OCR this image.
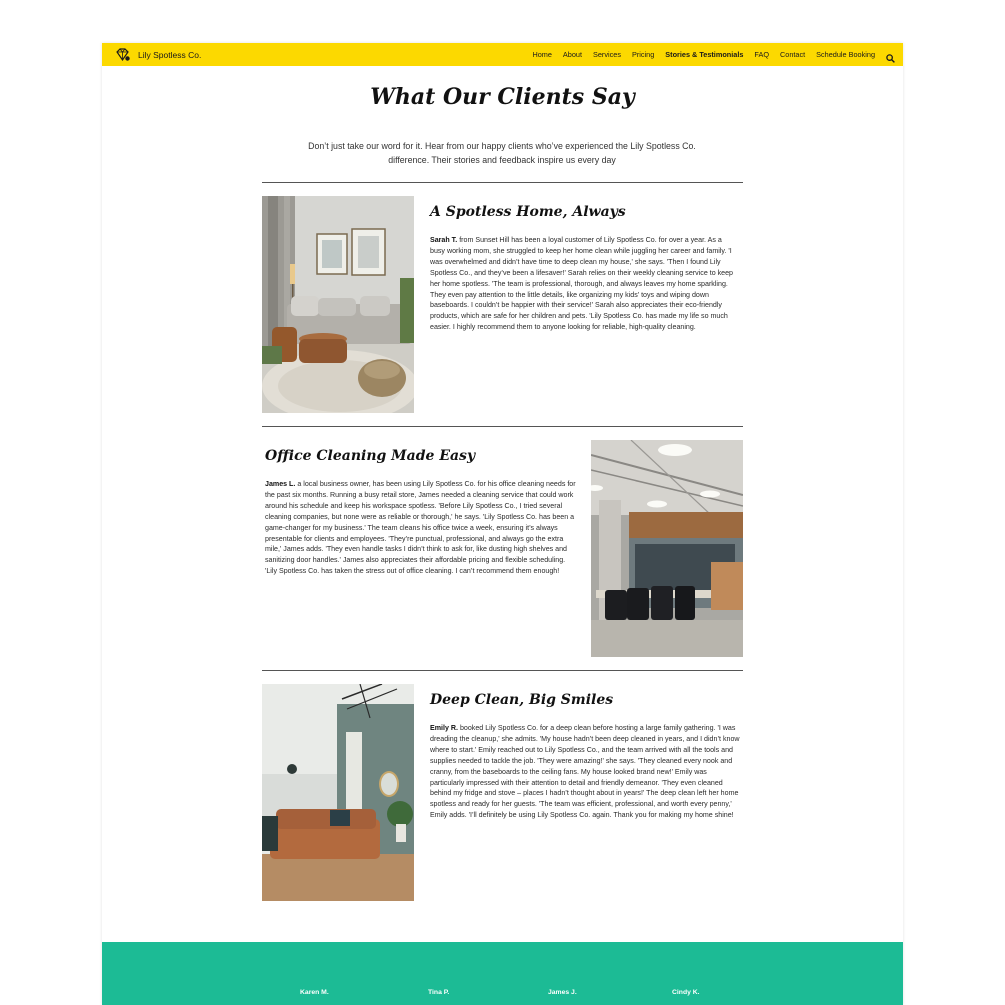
Lily Spotless Co.	Home About Services Pricing Stories & Testimonials FAQ Contact Schedule Booking
What Our Clients Say

Don’t just take our word for it. Hear from our happy clients who’ve experienced the Lily Spotless Co. difference. Their stories and feedback inspire us every day

A Spotless Home, Always

Sarah T. from Sunset Hill has been a loyal customer of Lily Spotless Co. for over a year. As a busy working mom, she struggled to keep her home clean while juggling her career and family. 'I was overwhelmed and didn’t have time to deep clean my house,' she says. 'Then I found Lily Spotless Co., and they’ve been a lifesaver!' Sarah relies on their weekly cleaning service to keep her home spotless. 'The team is professional, thorough, and always leaves my home sparkling. They even pay attention to the little details, like organizing my kids’ toys and wiping down baseboards. I couldn’t be happier with their service!' Sarah also appreciates their eco-friendly products, which are safe for her children and pets. 'Lily Spotless Co. has made my life so much easier. I highly recommend them to anyone looking for reliable, high-quality cleaning.

Office Cleaning Made Easy

James L. a local business owner, has been using Lily Spotless Co. for his office cleaning needs for the past six months. Running a busy retail store, James needed a cleaning service that could work around his schedule and keep his workspace spotless. 'Before Lily Spotless Co., I tried several cleaning companies, but none were as reliable or thorough,' he says. 'Lily Spotless Co. has been a game-changer for my business.' The team cleans his office twice a week, ensuring it’s always presentable for clients and employees. 'They’re punctual, professional, and always go the extra mile,' James adds. 'They even handle tasks I didn’t think to ask for, like dusting high shelves and sanitizing door handles.' James also appreciates their affordable pricing and flexible scheduling. 'Lily Spotless Co. has taken the stress out of office cleaning. I can’t recommend them enough!

Deep Clean, Big Smiles

Emily R. booked Lily Spotless Co. for a deep clean before hosting a large family gathering. 'I was dreading the cleanup,' she admits. 'My house hadn’t been deep cleaned in years, and I didn’t know where to start.' Emily reached out to Lily Spotless Co., and the team arrived with all the tools and supplies needed to tackle the job. 'They were amazing!' she says. 'They cleaned every nook and cranny, from the baseboards to the ceiling fans. My house looked brand new!' Emily was particularly impressed with their attention to detail and friendly demeanor. 'They even cleaned behind my fridge and stove – places I hadn’t thought about in years!' The deep clean left her home spotless and ready for her guests. 'The team was efficient, professional, and worth every penny,' Emily adds. 'I’ll definitely be using Lily Spotless Co. again. Thank you for making my home shine!

Karen M.	Tina P.	James J.	Cindy K.
